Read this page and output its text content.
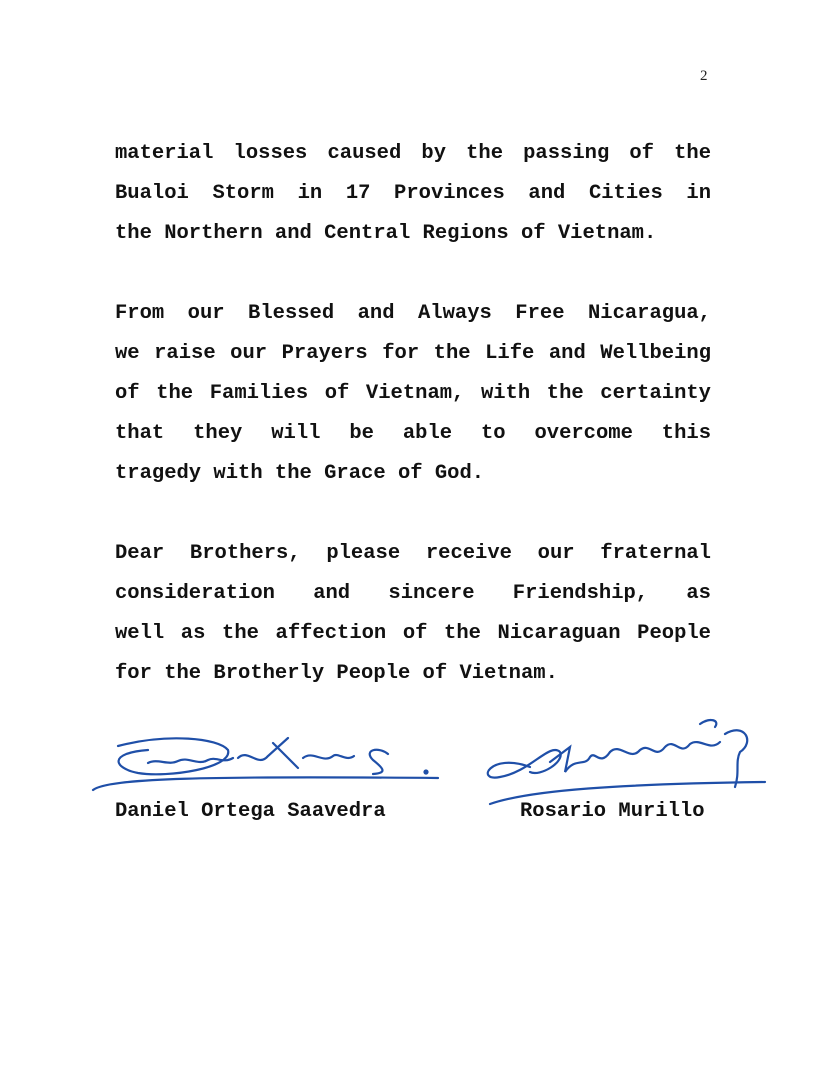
2
material losses caused by the passing of the
Bualoi Storm in 17 Provinces and Cities in
the Northern and Central Regions of Vietnam.
From our Blessed and Always Free Nicaragua,
we raise our Prayers for the Life and Wellbeing
of the Families of Vietnam, with the certainty
that they will be able to overcome this
tragedy with the Grace of God.
Dear Brothers, please receive our fraternal
consideration and sincere Friendship, as
well as the affection of the Nicaraguan People
for the Brotherly People of Vietnam.
Daniel Ortega Saavedra	Rosario Murillo
